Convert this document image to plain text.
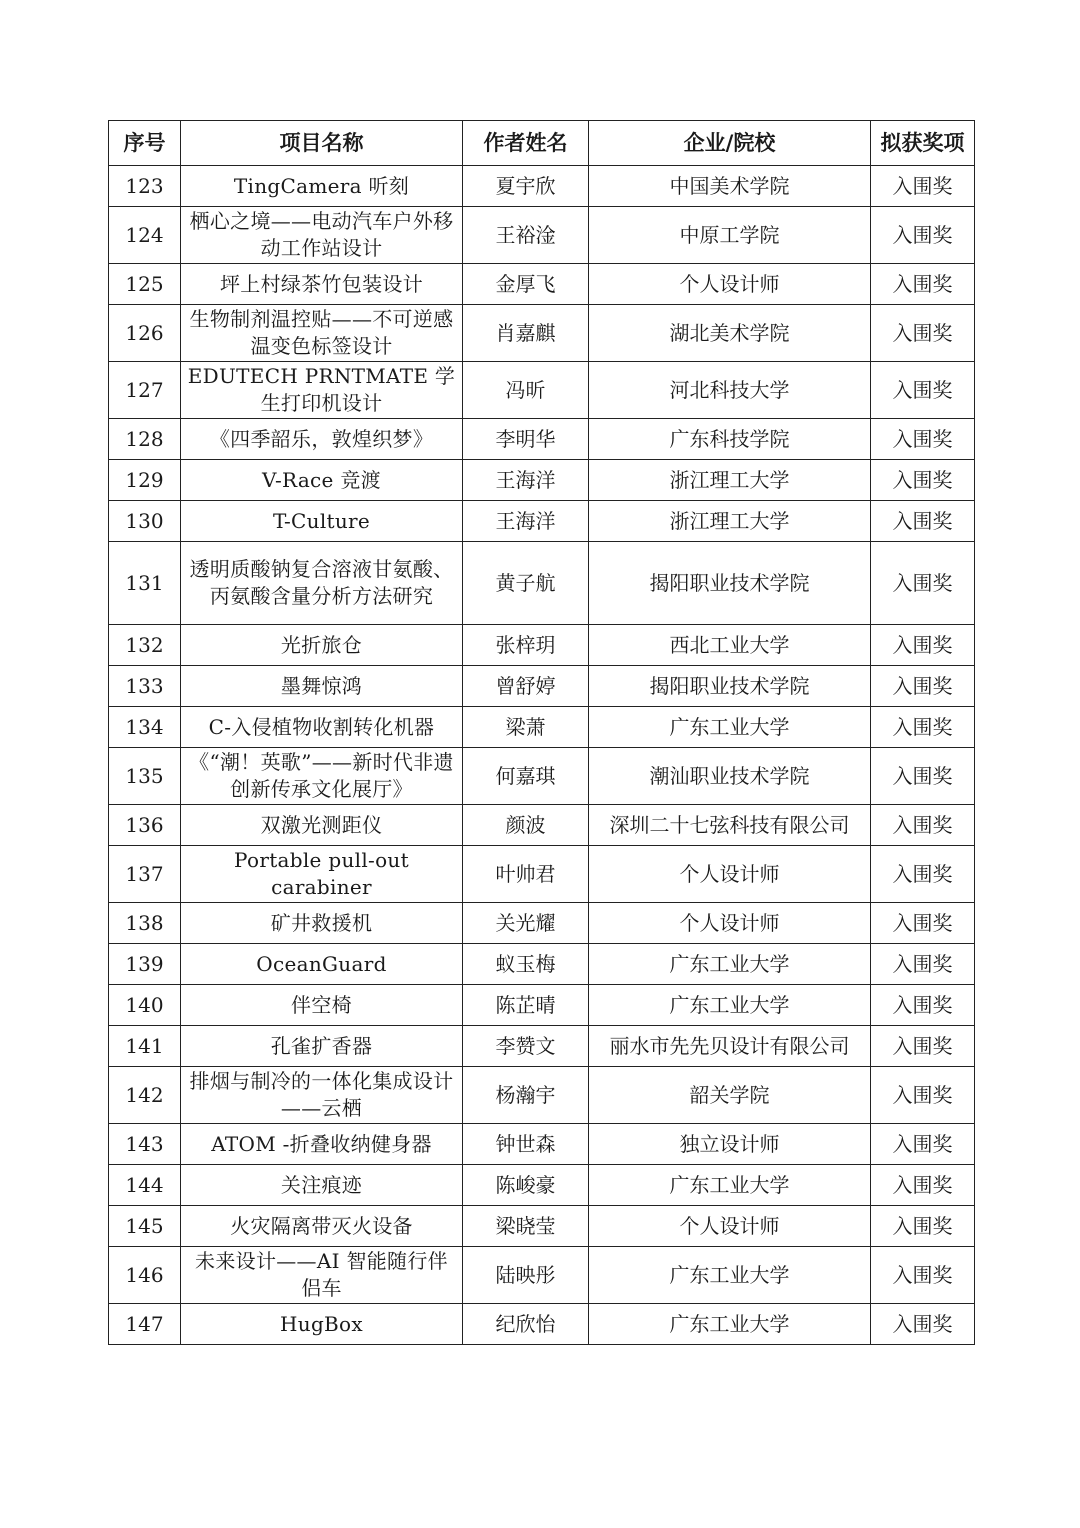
序号	项目名称	作者姓名	企业/院校	拟获奖项
123	TingCamera 听刻	夏宇欣	中国美术学院	入围奖
124	栖心之境——电动汽车户外移动工作站设计	王裕淦	中原工学院	入围奖
125	坪上村绿茶竹包装设计	金厚飞	个人设计师	入围奖
126	生物制剂温控贴——不可逆感温变色标签设计	肖嘉麒	湖北美术学院	入围奖
127	EDUTECH PRNTMATE 学生打印机设计	冯昕	河北科技大学	入围奖
128	《四季韶乐，敦煌织梦》	李明华	广东科技学院	入围奖
129	V-Race 竞渡	王海洋	浙江理工大学	入围奖
130	T-Culture	王海洋	浙江理工大学	入围奖
131	透明质酸钠复合溶液甘氨酸、丙氨酸含量分析方法研究	黄子航	揭阳职业技术学院	入围奖
132	光折旅仓	张梓玥	西北工业大学	入围奖
133	墨舞惊鸿	曾舒婷	揭阳职业技术学院	入围奖
134	C-入侵植物收割转化机器	梁萧	广东工业大学	入围奖
135	《“潮！英歌”——新时代非遗创新传承文化展厅》	何嘉琪	潮汕职业技术学院	入围奖
136	双激光测距仪	颜波	深圳二十七弦科技有限公司	入围奖
137	Portable pull-out carabiner	叶帅君	个人设计师	入围奖
138	矿井救援机	关光耀	个人设计师	入围奖
139	OceanGuard	蚁玉梅	广东工业大学	入围奖
140	伴空椅	陈芷晴	广东工业大学	入围奖
141	孔雀扩香器	李赞文	丽水市先先贝设计有限公司	入围奖
142	排烟与制冷的一体化集成设计——云栖	杨瀚宇	韶关学院	入围奖
143	ATOM -折叠收纳健身器	钟世森	独立设计师	入围奖
144	关注痕迹	陈峻豪	广东工业大学	入围奖
145	火灾隔离带灭火设备	梁晓莹	个人设计师	入围奖
146	未来设计——AI 智能随行伴侣车	陆映彤	广东工业大学	入围奖
147	HugBox	纪欣怡	广东工业大学	入围奖
